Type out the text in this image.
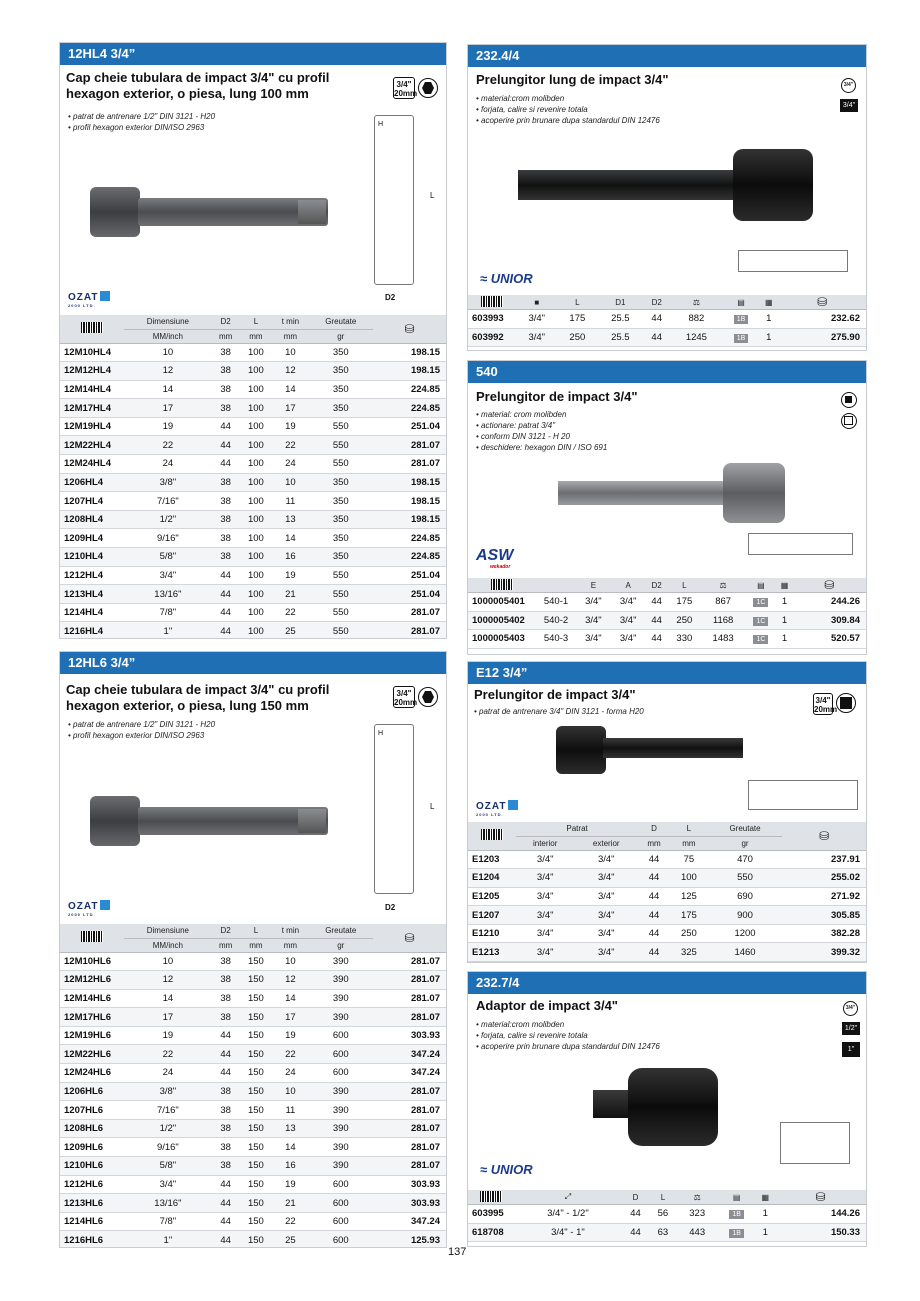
12HL4 3/4”
Cap cheie tubulara de impact 3/4" cu profil
hexagon exterior, o piesa, lung 100 mm
3/4" 20mm
• patrat de antrenare 1/2" DIN 3121 - H20
• profil hexagon exterior DIN/ISO 2963
L
H
D2
OZAT
2000 LTD.
	Dimensiune	D2	L	t min	Greutate	⛁
	MM/inch	mm	mm	mm	gr	
12M10HL4	10	38	100	10	350	198.15
12M12HL4	12	38	100	12	350	198.15
12M14HL4	14	38	100	14	350	224.85
12M17HL4	17	38	100	17	350	224.85
12M19HL4	19	44	100	19	550	251.04
12M22HL4	22	44	100	22	550	281.07
12M24HL4	24	44	100	24	550	281.07
1206HL4	3/8"	38	100	10	350	198.15
1207HL4	7/16"	38	100	11	350	198.15
1208HL4	1/2"	38	100	13	350	198.15
1209HL4	9/16"	38	100	14	350	224.85
1210HL4	5/8"	38	100	16	350	224.85
1212HL4	3/4"	44	100	19	550	251.04
1213HL4	13/16"	44	100	21	550	251.04
1214HL4	7/8"	44	100	22	550	281.07
1216HL4	1"	44	100	25	550	281.07
12HL6 3/4”
Cap cheie tubulara de impact 3/4" cu profil
hexagon exterior, o piesa, lung 150 mm
3/4" 20mm
• patrat de antrenare 1/2" DIN 3121 - H20
• profil hexagon exterior DIN/ISO 2963
L
H
D2
OZAT
2000 LTD.
	Dimensiune	D2	L	t min	Greutate	⛁
	MM/inch	mm	mm	mm	gr	
12M10HL6	10	38	150	10	390	281.07
12M12HL6	12	38	150	12	390	281.07
12M14HL6	14	38	150	14	390	281.07
12M17HL6	17	38	150	17	390	281.07
12M19HL6	19	44	150	19	600	303.93
12M22HL6	22	44	150	22	600	347.24
12M24HL6	24	44	150	24	600	347.24
1206HL6	3/8"	38	150	10	390	281.07
1207HL6	7/16"	38	150	11	390	281.07
1208HL6	1/2"	38	150	13	390	281.07
1209HL6	9/16"	38	150	14	390	281.07
1210HL6	5/8"	38	150	16	390	281.07
1212HL6	3/4"	44	150	19	600	303.93
1213HL6	13/16"	44	150	21	600	303.93
1214HL6	7/8"	44	150	22	600	347.24
1216HL6	1"	44	150	25	600	125.93
232.4/4
Prelungitor lung de impact 3/4"	3/4"
3/4"
• material:crom molibden
• forjata, calire si revenire totala
• acoperire prin brunare dupa standardul DIN 12476
≈ UNIOR
	■	L	D1	D2	⚖	▤	▦	⛁
603993	3/4"	175	25.5	44	882	1B	1	232.62
603992	3/4"	250	25.5	44	1245	1B	1	275.90
540
Prelungitor de impact 3/4"
• material: crom molibden
• actionare: patrat 3/4"
• conform DIN 3121 - H 20
• deschidere: hexagon DIN / ISO 691
ASW
wekador
		E	A	D2	L	⚖	▤	▦	⛁
1000005401	540-1	3/4"	3/4"	44	175	867	1C	1	244.26
1000005402	540-2	3/4"	3/4"	44	250	1168	1C	1	309.84
1000005403	540-3	3/4"	3/4"	44	330	1483	1C	1	520.57
E12 3/4”
Prelungitor de impact 3/4"	3/4" 20mm
• patrat de antrenare 3/4" DIN 3121 - forma H20
OZAT
2000 LTD.
	Patrat		D	L	Greutate	⛁
	interior	exterior	mm	mm	gr	
E1203	3/4"	3/4"	44	75	470	237.91
E1204	3/4"	3/4"	44	100	550	255.02
E1205	3/4"	3/4"	44	125	690	271.92
E1207	3/4"	3/4"	44	175	900	305.85
E1210	3/4"	3/4"	44	250	1200	382.28
E1213	3/4"	3/4"	44	325	1460	399.32
232.7/4
Adaptor de impact 3/4"	3/4"
1/2"
1"
• material:crom molibden
• forjata, calire si revenire totala
• acoperire prin brunare dupa standardul DIN 12476
≈ UNIOR
	⤢	D	L	⚖	▤	▦	⛁
603995	3/4" - 1/2"	44	56	323	1B	1	144.26
618708	3/4" - 1"	44	63	443	1B	1	150.33
137
